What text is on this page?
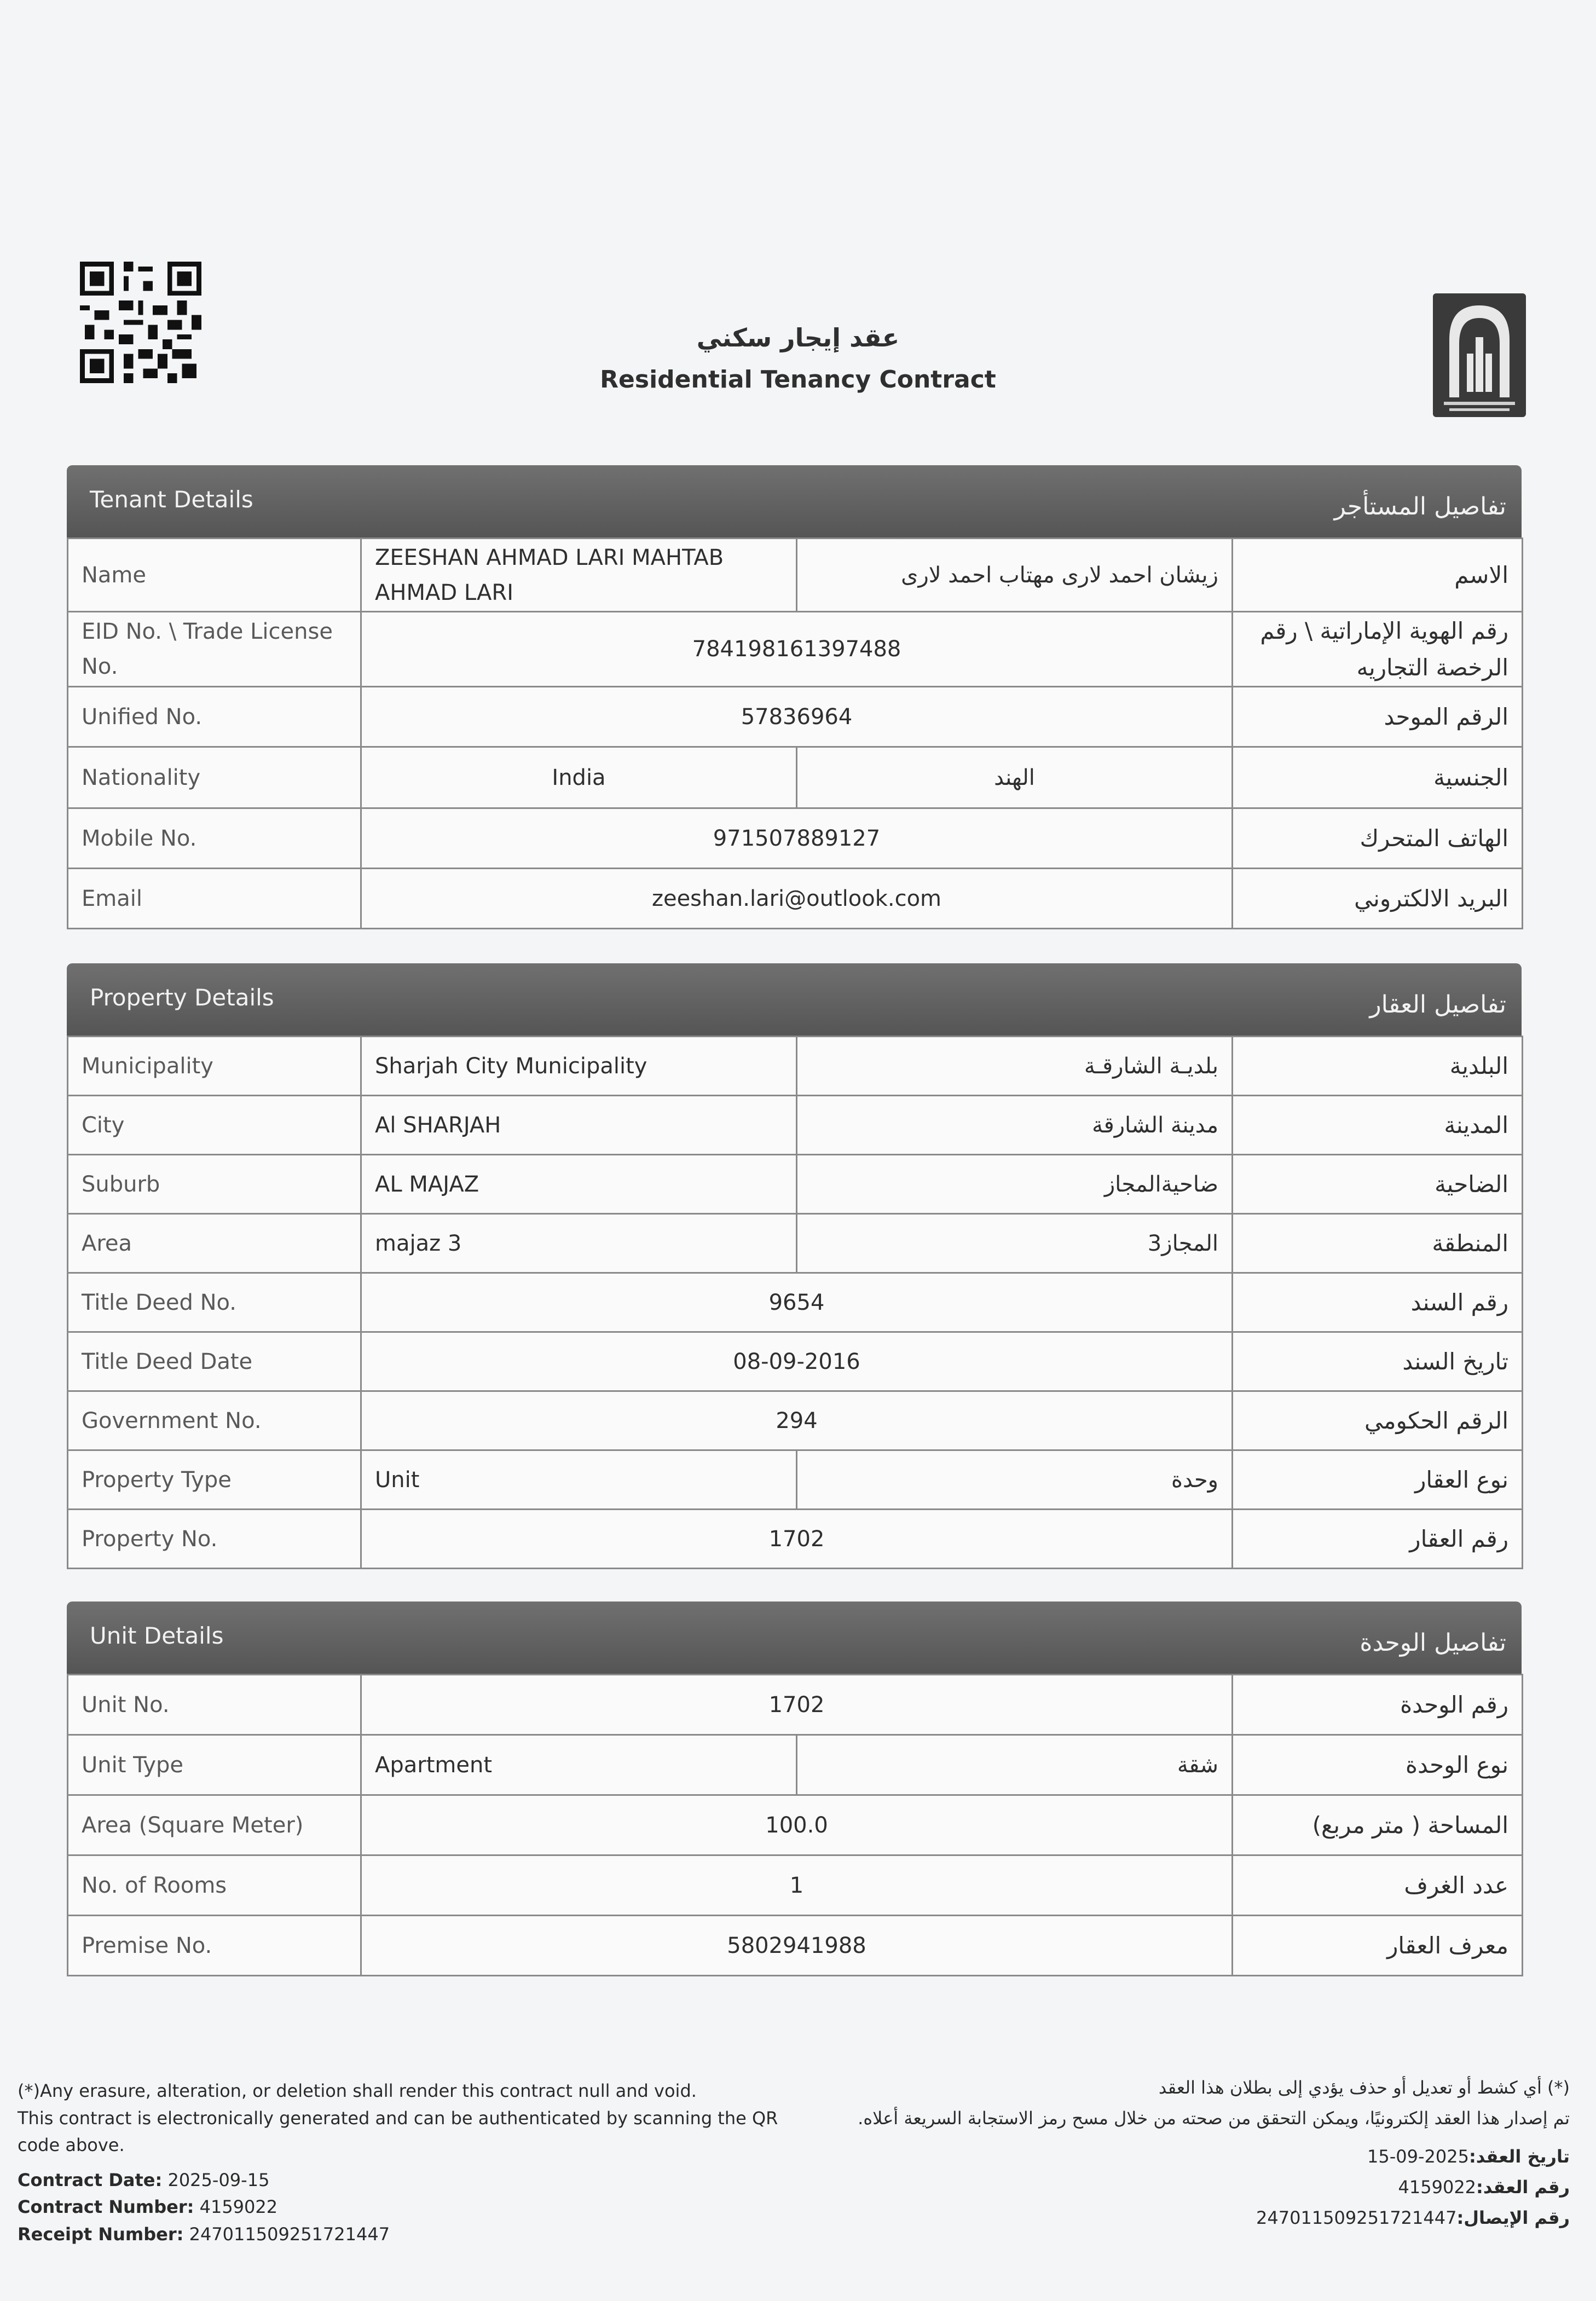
عقد إيجار سكني
Residential Tenancy Contract
Tenant Details	تفاصيل المستأجر
Name	ZEESHAN AHMAD LARI MAHTAB AHMAD LARI	زيشان احمد لارى مهتاب احمد لارى	الاسم
EID No. \ Trade License No.	784198161397488		رقم الهوية الإماراتية \ رقم الرخصة التجاريه
Unified No.	57836964		الرقم الموحد
Nationality	India	الهند	الجنسية
Mobile No.	971507889127		الهاتف المتحرك
Email	zeeshan.lari@outlook.com		البريد الالكتروني
Property Details	تفاصيل العقار
Municipality	Sharjah City Municipality	بلديـة الشارقـة	البلدية
City	Al SHARJAH	مدينة الشارقة	المدينة
Suburb	AL MAJAZ	ضاحيةالمجاز	الضاحية
Area	majaz 3	المجاز3	المنطقة
Title Deed No.	9654		رقم السند
Title Deed Date	08-09-2016		تاريخ السند
Government No.	294		الرقم الحكومي
Property Type	Unit	وحدة	نوع العقار
Property No.	1702		رقم العقار
Unit Details	تفاصيل الوحدة
Unit No.	1702		رقم الوحدة
Unit Type	Apartment	شقة	نوع الوحدة
Area (Square Meter)	100.0		المساحة ( متر مربع)
No. of Rooms	1		عدد الغرف
Premise No.	5802941988		معرف العقار
(*)Any erasure, alteration, or deletion shall render this contract null and void.
This contract is electronically generated and can be authenticated by scanning the QR code above.
Contract Date: 2025-09-15
Contract Number: 4159022
Receipt Number: 247011509251721447
(*) أي كشط أو تعديل أو حذف يؤدي إلى بطلان هذا العقد
تم إصدار هذا العقد إلكترونيًا، ويمكن التحقق من صحته من خلال مسح رمز الاستجابة السريعة أعلاه.
تاريخ العقد:2025-09-15
رقم العقد:4159022
رقم الإيصال:247011509251721447
